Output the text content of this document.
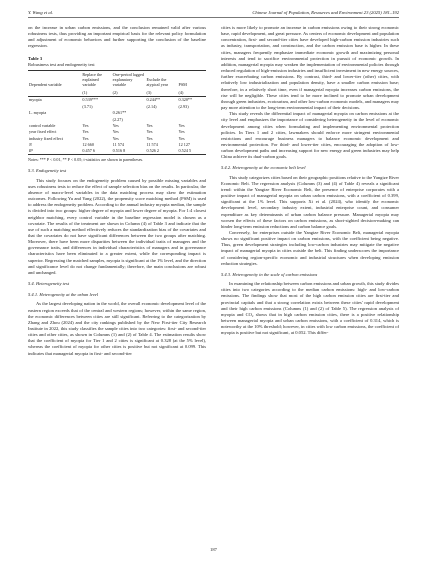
Y. Wang et al.	Chinese Journal of Population, Resources and Environment 23 (2025) 181–192

on the increase in urban carbon emissions, and the conclusion remained valid after various robustness tests, thus providing an important empirical basis for the relevant policy formulation and adjustment of economic behaviors and further supporting the conclusion of the baseline regression.

Table 3
Robustness test and endogeneity test
Dependent variable	Replace the explained variable	One-period lagged explanatory variable	Exclude the atypical year	PSM
	(1)	(2)	(3)	(4)
myopia	0.539***		0.244**	0.320**
	(3.71)		(2.14)	(2.93)
L. myopia		0.261**		
		(2.27)		
control variable	Yes	Yes	Yes	Yes
year fixed effect	Yes	Yes	Yes	Yes
industry fixed effect	Yes	Yes	Yes	Yes
N	12 660	11 574	11 574	12 127
R²	0.457 6	0.516 8	0.526 2	0.524 5
Notes: *** P < 0.01, ** P < 0.05; t-statistics are shown in parentheses.
5.3. Endogeneity test

This study focuses on the endogeneity problem caused by possible missing variables and uses robustness tests to reduce the effect of sample selection bias on the results. In particular, the absence of macro-level variables in the data matching process may skew the estimation outcomes. Following Yu and Yang (2022), the propensity score matching method (PSM) is used to address the endogeneity problem. According to the annual industry myopia median, the sample is divided into two groups: higher degree of myopia and lower degree of myopia. For 1:4 closest neighbor matching, every control variable in the baseline regression model is chosen as a covariate. The results of the treatment are shown in Column (4) of Table 3 and indicate that the use of such a matching method effectively reduces the standardization bias of the covariates and that the covariates do not have significant differences between the two groups after matching. Moreover, there have been more disparities between the individual traits of managers and the governance traits, and differences in individual characteristics of managers and in governance characteristics have been eliminated to a greater extent, while the corresponding impact is superior. Regressing the matched samples, myopia is significant at the 1% level, and the direction and significance level do not change fundamentally; therefore, the main conclusions are robust and unchanged.

5.4. Heterogeneity test
5.4.1. Heterogeneity at the urban level

As the largest developing nation in the world, the overall economic development level of the eastern region exceeds that of the central and western regions; however, within the same region, the economic differences between cities are still significant. Referring to the categorization by Zhang and Zhou (2024) and the city rankings published by the New First-tier City Research Institute in 2022, this study classifies the sample cities into two categories: first- and second-tier cities and other cities, as shown in Columns (1) and (2) of Table 4. The estimation results show that the coefficient of myopia for Tier 1 and 2 cities is significant at 0.328 (at the 5% level), whereas the coefficient of myopia for other cities is positive but not significant at 0.099. This indicates that managerial myopia in first- and second-tier

cities is more likely to promote an increase in carbon emissions owing to their strong economic base, rapid development, and great pressure. As centers of economic development and population concentration, first- and second-tier cities have developed high-carbon emission industries such as industry, transportation, and construction, and the carbon emission base is higher. In these cities, managers frequently emphasize immediate economic growth and maximizing personal interests and tend to sacrifice environmental protection in pursuit of economic growth. In addition, managerial myopia may weaken the implementation of environmental policies through reduced regulation of high-emission industries and insufficient investment in new energy sources, further exacerbating carbon emissions. By contrast, third- and lower-tier (other) cities, with relatively low industrialization and population density, have a smaller carbon emission base; therefore, in a relatively short time, even if managerial myopia increases carbon emissions, the rise will be negligible. These cities tend to be more inclined to promote urban development through green industries, ecotourism, and other low-carbon economic models, and managers may pay more attention to the long-term environmental impact of their decisions.

This study reveals the differential impact of managerial myopia on carbon emissions at the city level and emphasizes the importance of considering heterogeneity in the level of economic development among cities when formulating and implementing environmental protection policies. In Tiers 1 and 2 cities, lawmakers should enforce more stringent environmental restrictions and encourage business managers to balance economic development and environmental protection. For third- and lower-tier cities, encouraging the adoption of low-carbon development paths and increasing support for new energy and green industries may help China achieve its dual-carbon goals.

5.4.2. Heterogeneity at the economic belt level

This study categorizes cities based on their geographic positions relative to the Yangtze River Economic Belt. The regression analysis (Columns (3) and (4) of Table 4) reveals a significant trend: within the Yangtze River Economic Belt, the presence of enterprise corporates with a positive impact of managerial myopia on urban carbon emissions, with a coefficient of 0.399, significant at the 1% level. This supports Xi et al. (2024), who identify the economic development level, secondary industry extent, industrial enterprise count, and consumer expenditure as key determinants of urban carbon balance pressure. Managerial myopia may worsen the effects of these factors on carbon emissions, as short-sighted decision-making can hinder long-term emission reductions and carbon balance goals.

Conversely, for enterprises outside the Yangtze River Economic Belt, managerial myopia shows no significant positive impact on carbon emissions, with the coefficient being negative. Thus, green development strategies including low-carbon industries may mitigate the negative impact of managerial myopia in cities outside the belt. This finding underscores the importance of considering region-specific economic and industrial structures when developing emission reduction strategies.

5.4.3. Heterogeneity in the scale of carbon emissions

In examining the relationship between carbon emissions and urban growth, this study divides cities into two categories according to the median carbon emissions: high- and low-carbon emissions. The findings show that most of the high carbon emission cities are first-tier and provincial capitals and that a strong correlation exists between these cities' rapid development and their high carbon emissions (Columns (1) and (2) of Table 5). The regression analysis of myopia and CO₂ shows that in high carbon emission cities, there is a positive relationship between managerial myopia and urban carbon emissions, with a coefficient of 0.314, which is noteworthy at the 10% threshold; however, in cities with low carbon emissions, the coefficient of myopia is positive but not significant, at 0.052. This differ-

187
